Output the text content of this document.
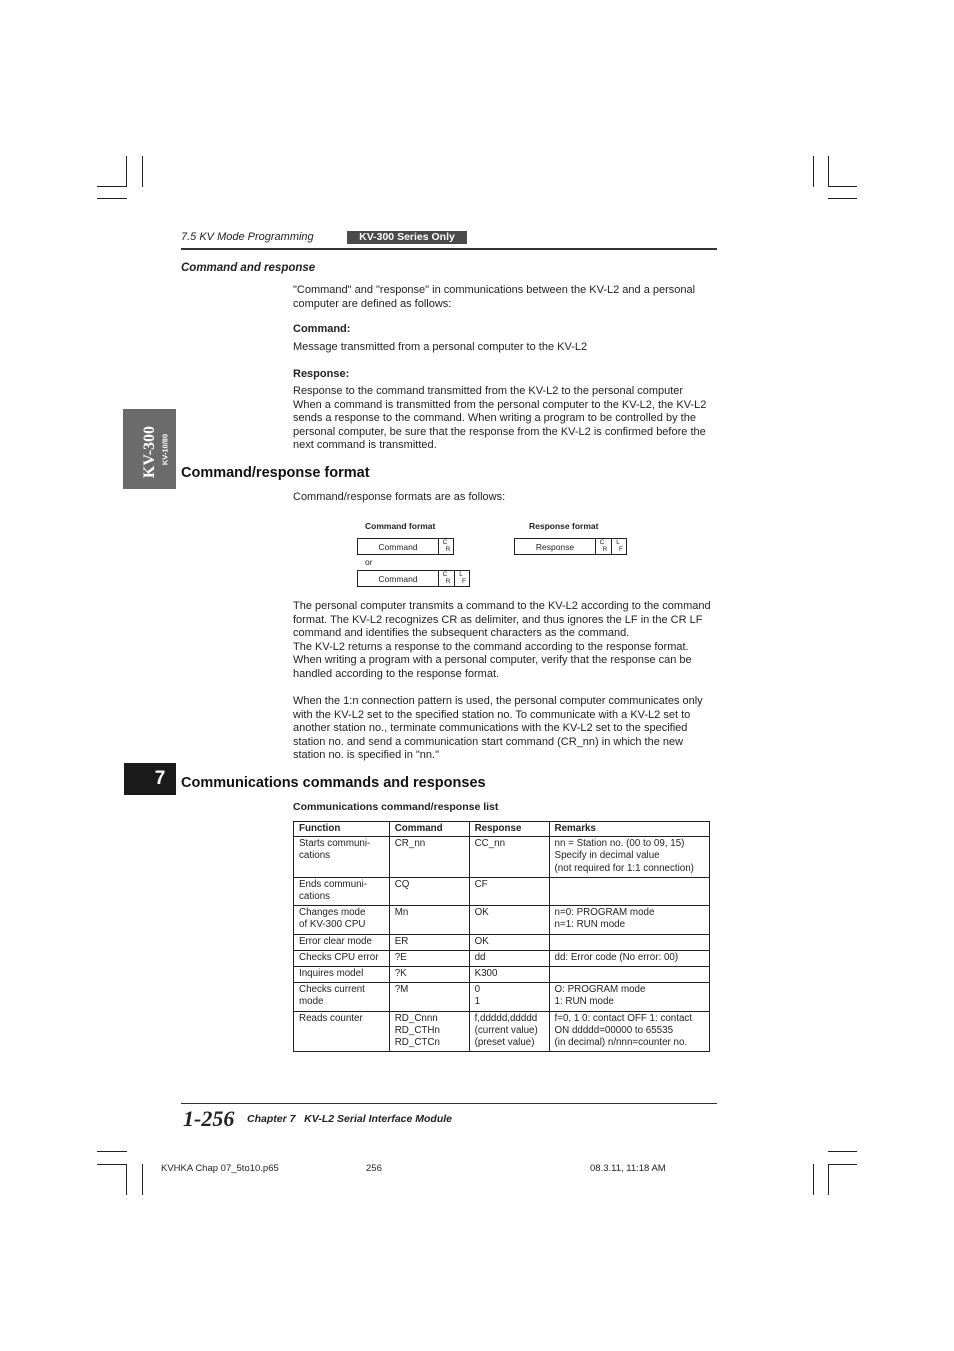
7.5 KV Mode Programming	KV-300 Series Only
KV-300 KV-10/80
7
Command and response

"Command" and "response" in communications between the KV-L2 and a personal computer are defined as follows:

Command:

Message transmitted from a personal computer to the KV-L2

Response:

Response to the command transmitted from the KV-L2 to the personal computer
When a command is transmitted from the personal computer to the KV-L2, the KV-L2 sends a response to the command. When writing a program to be controlled by the personal computer, be sure that the response from the KV-L2 is confirmed before the next command is transmitted.

Command/response format

Command/response formats are as follows:

Command format	Response format
Command	C
R
or
Command	C
R
L
F
Response	C
R
L
F

The personal computer transmits a command to the KV-L2 according to the command format. The KV-L2 recognizes CR as delimiter, and thus ignores the LF in the CR LF command and identifies the subsequent characters as the command.
The KV-L2 returns a response to the command according to the response format.
When writing a program with a personal computer, verify that the response can be handled according to the response format.

When the 1:n connection pattern is used, the personal computer communicates only with the KV-L2 set to the specified station no. To communicate with a KV-L2 set to another station no., terminate communications with the KV-L2 set to the specified station no. and send a communication start command (CR_nn) in which the new station no. is specified in "nn."

Communications commands and responses
Communications command/response list
Function	Command	Response	Remarks
Starts communi-
cations	CR_nn	CC_nn	nn = Station no. (00 to 09, 15)
Specify in decimal value
(not required for 1:1 connection)
Ends communi-
cations	CQ	CF	
Changes mode
of KV-300 CPU	Mn	OK	n=0: PROGRAM mode
n=1: RUN mode
Error clear mode	ER	OK	
Checks CPU error	?E	dd	dd: Error code (No error: 00)
Inquires model	?K	K300	
Checks current
mode	?M	0
1	O: PROGRAM mode
1: RUN mode
Reads counter	RD_Cnnn
RD_CTHn
RD_CTCn	f,ddddd,ddddd
(current value)
(preset value)	f=0, 1 0: contact OFF 1: contact
ON ddddd=00000 to 65535
(in decimal) n/nnn=counter no.
1-256 Chapter 7   KV-L2 Serial Interface Module
KVHKA Chap 07_5to10.p65	256	08.3.11, 11:18 AM
